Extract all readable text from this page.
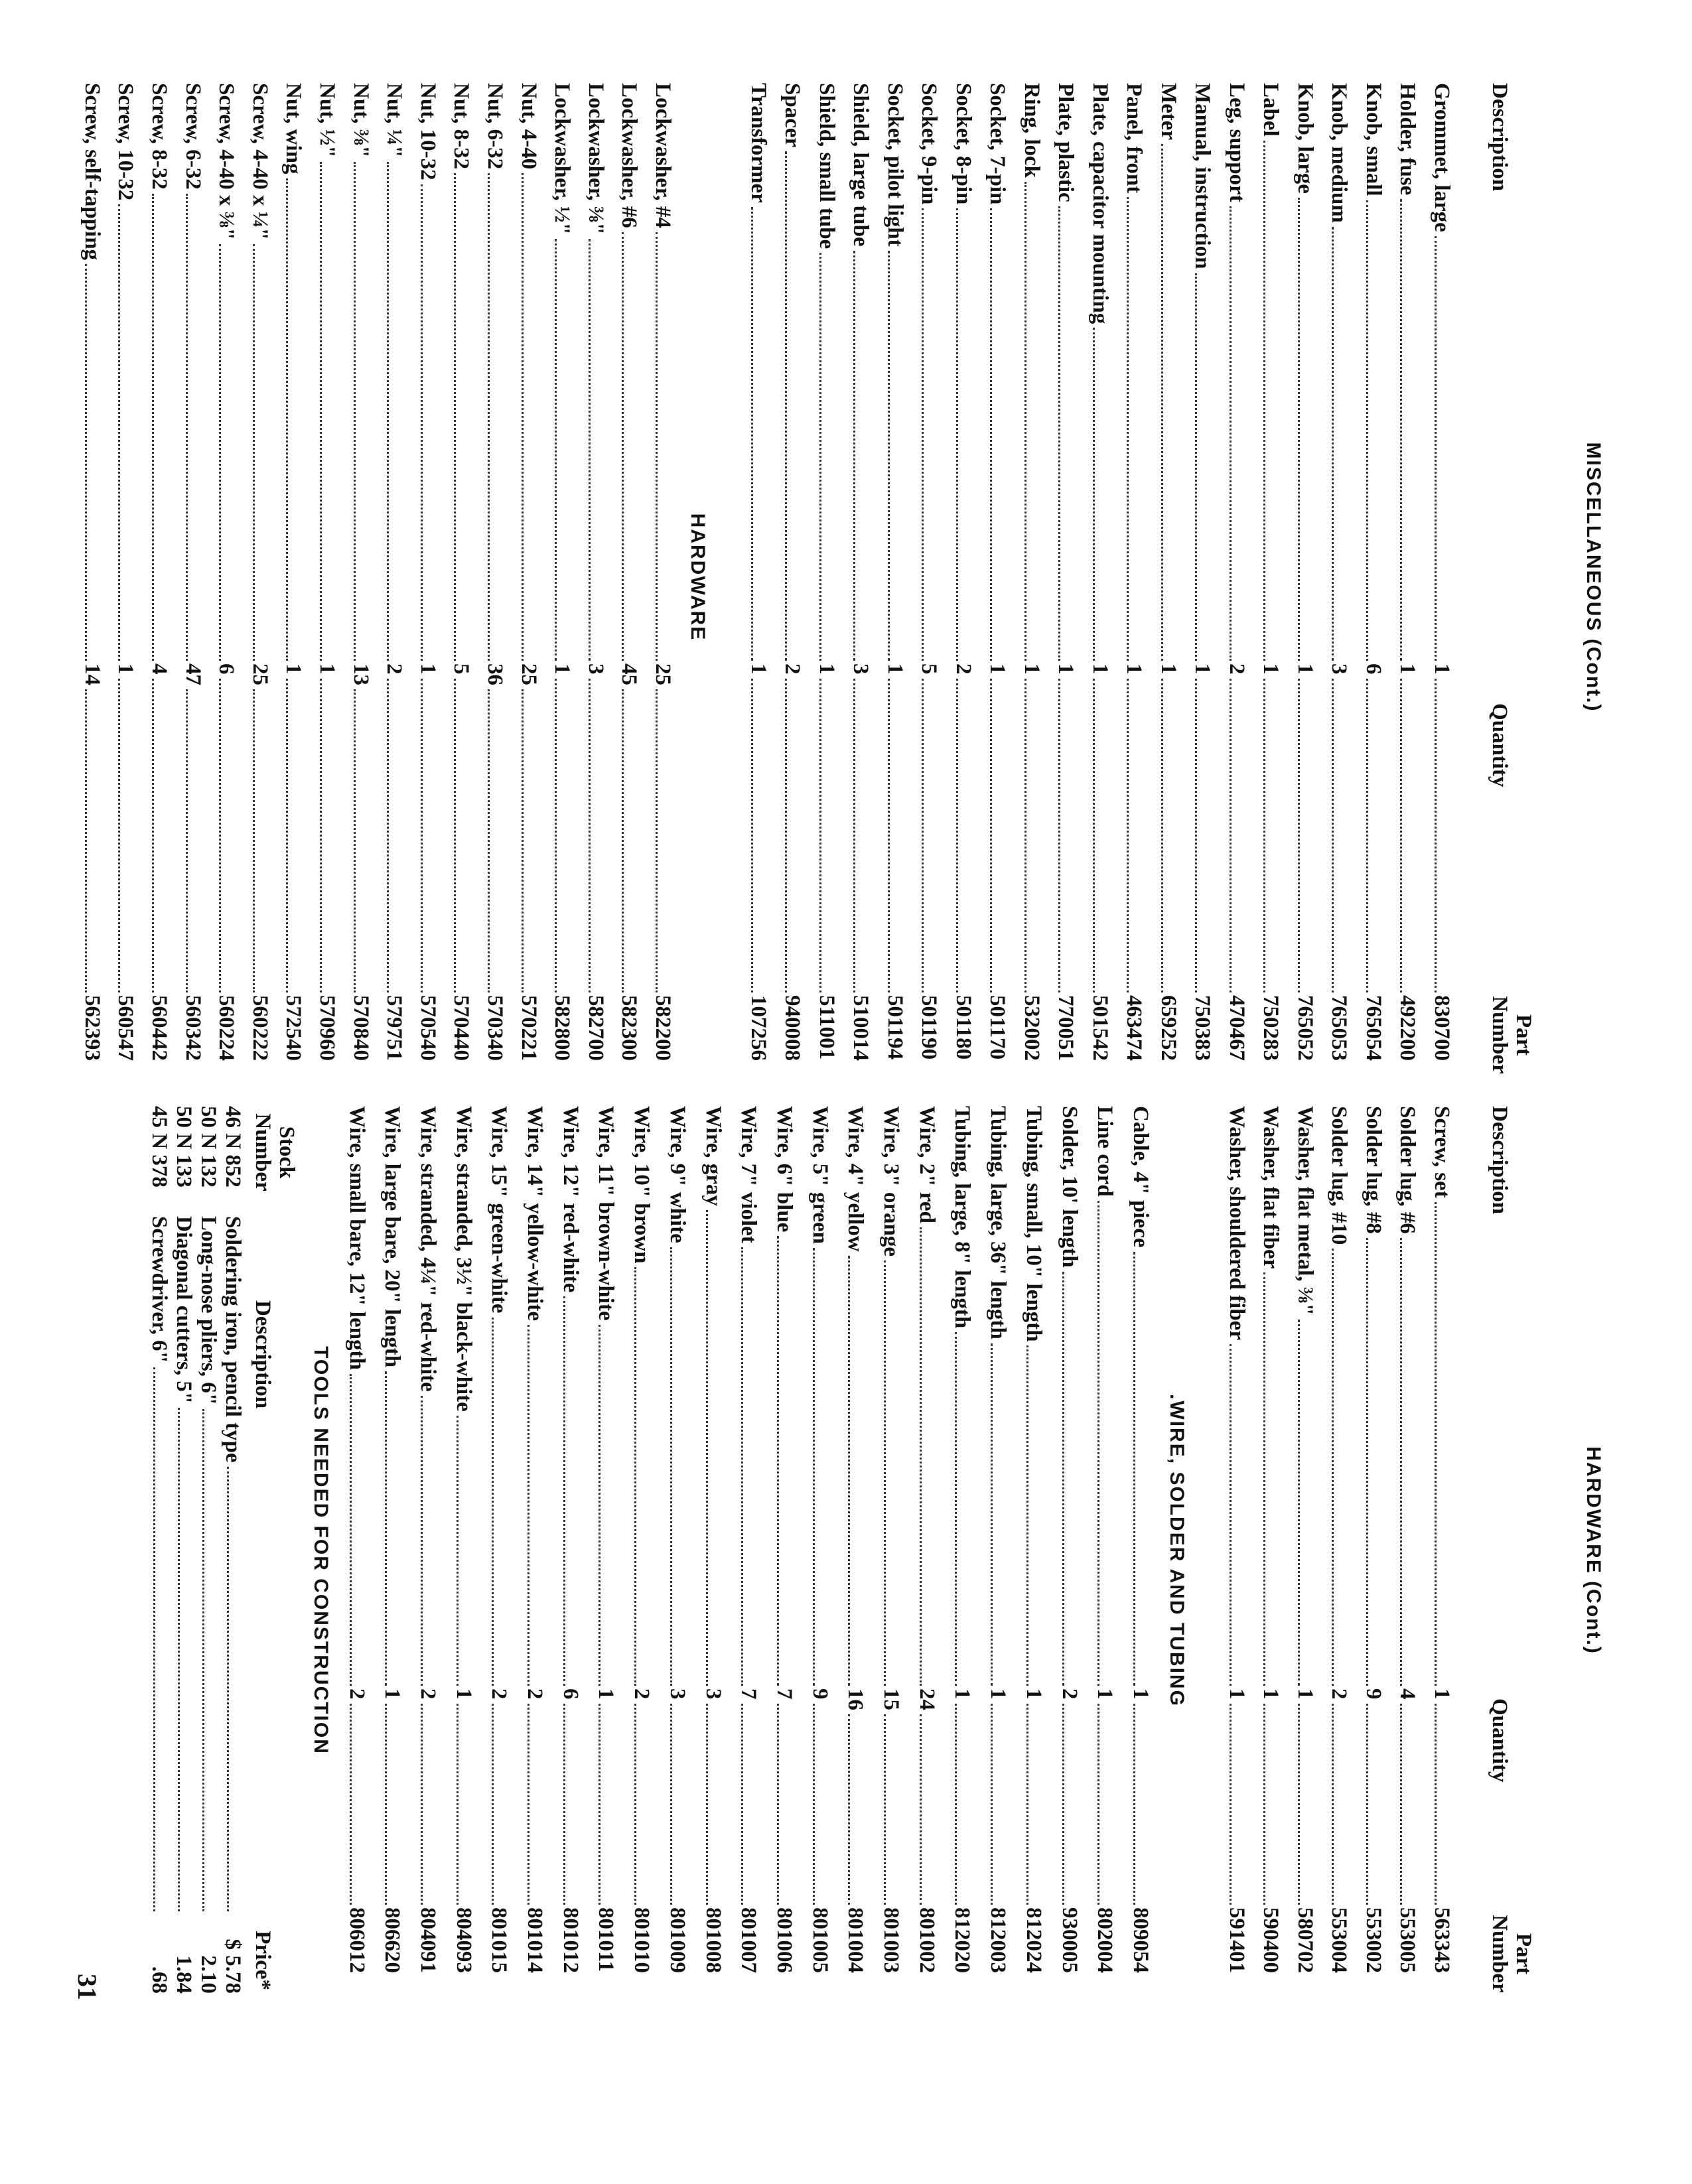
MISCELLANEOUS (Cont.)
Description
Quantity
Part
Number
Grommet, large
1
830700
Holder, fuse
1
492200
Knob, small
6
765054
Knob, medium
3
765053
Knob, large
1
765052
Label
1
750283
Leg, support
2
470467
Manual, instruction
1
750383
Meter
1
659252
Panel, front
1
463474
Plate, capacitor mounting
1
501542
Plate, plastic
1
770051
Ring, lock
1
532002
Socket, 7-pin
1
501170
Socket, 8-pin
2
501180
Socket, 9-pin
5
501190
Socket, pilot light
1
501194
Shield, large tube
3
510014
Shield, small tube
1
511001
Spacer
2
940008
Transformer
1
107256
HARDWARE
Lockwasher, #4
25
582200
Lockwasher, #6
45
582300
Lockwasher, ⅜"
3
582700
Lockwasher, ½"
1
582800
Nut, 4-40
25
570221
Nut, 6-32
36
570340
Nut, 8-32
5
570440
Nut, 10-32
1
570540
Nut, ¼"
2
579751
Nut, ⅜"
13
570840
Nut, ½"
1
570960
Nut, wing
1
572540
Screw, 4-40 x ¼"
25
560222
Screw, 4-40 x ⅜"
6
560224
Screw, 6-32
47
560342
Screw, 8-32
4
560442
Screw, 10-32
1
560547
Screw, self-tapping
14
562393
HARDWARE (Cont.)
Description
Quantity
Part
Number
Screw, set
1
563343
Solder lug, #6
4
553005
Solder lug, #8
9
553002
Solder lug, #10
2
553004
Washer, flat metal, ⅜"
1
580702
Washer, flat fiber
1
590400
Washer, shouldered fiber
1
591401
.WIRE, SOLDER AND TUBING
Cable, 4" piece
1
809054
Line cord
1
802004
Solder, 10' length
2
930005
Tubing, small, 10" length
1
812024
Tubing, large, 36" length
1
812003
Tubing, large, 8" length
1
812020
Wire, 2" red
24
801002
Wire, 3" orange
15
801003
Wire, 4" yellow
16
801004
Wire, 5" green
9
801005
Wire, 6" blue
7
801006
Wire, 7" violet
7
801007
Wire, gray
3
801008
Wire, 9" white
3
801009
Wire, 10" brown
2
801010
Wire, 11" brown-white
1
801011
Wire, 12" red-white
6
801012
Wire, 14" yellow-white
2
801014
Wire, 15" green-white
2
801015
Wire, stranded, 3½" black-white
1
804093
Wire, stranded, 4¼" red-white
2
804091
Wire, large bare, 20" length
1
806620
Wire, small bare, 12" length
2
806012
TOOLS NEEDED FOR CONSTRUCTION
Stock
Number
Description
Price*
46 N 852
Soldering iron, pencil type
$ 5.78
50 N 132
Long-nose pliers, 6"
2.10
50 N 133
Diagonal cutters, 5"
1.84
45 N 378
Screwdriver, 6"
.68
31
